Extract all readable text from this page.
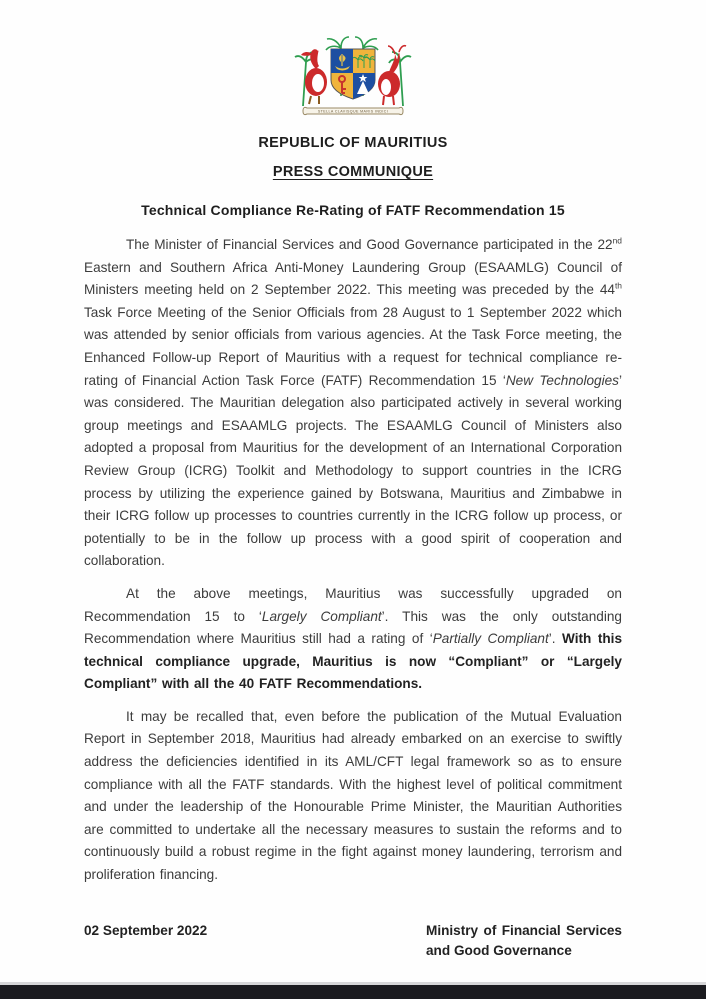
STELLA CLAVISQUE MARIS INDICI
REPUBLIC OF MAURITIUS
PRESS COMMUNIQUE
Technical Compliance Re-Rating of FATF Recommendation 15

The Minister of Financial Services and Good Governance participated in the 22nd Eastern and Southern Africa Anti-Money Laundering Group (ESAAMLG) Council of Ministers meeting held on 2 September 2022. This meeting was preceded by the 44th Task Force Meeting of the Senior Officials from 28 August to 1 September 2022 which was attended by senior officials from various agencies. At the Task Force meeting, the Enhanced Follow-up Report of Mauritius with a request for technical compliance re-rating of Financial Action Task Force (FATF) Recommendation 15 ‘New Technologies’ was considered. The Mauritian delegation also participated actively in several working group meetings and ESAAMLG projects. The ESAAMLG Council of Ministers also adopted a proposal from Mauritius for the development of an International Corporation Review Group (ICRG) Toolkit and Methodology to support countries in the ICRG process by utilizing the experience gained by Botswana, Mauritius and Zimbabwe in their ICRG follow up processes to countries currently in the ICRG follow up process, or potentially to be in the follow up process with a good spirit of cooperation and collaboration.

At the above meetings, Mauritius was successfully upgraded on Recommendation 15 to ‘Largely Compliant’. This was the only outstanding Recommendation where Mauritius still had a rating of ‘Partially Compliant’. With this technical compliance upgrade, Mauritius is now “Compliant” or “Largely Compliant” with all the 40 FATF Recommendations.

It may be recalled that, even before the publication of the Mutual Evaluation Report in September 2018, Mauritius had already embarked on an exercise to swiftly address the deficiencies identified in its AML/CFT legal framework so as to ensure compliance with all the FATF standards. With the highest level of political commitment and under the leadership of the Honourable Prime Minister, the Mauritian Authorities are committed to undertake all the necessary measures to sustain the reforms and to continuously build a robust regime in the fight against money laundering, terrorism and proliferation financing.

02 September 2022	Ministry of Financial Services and Good Governance
